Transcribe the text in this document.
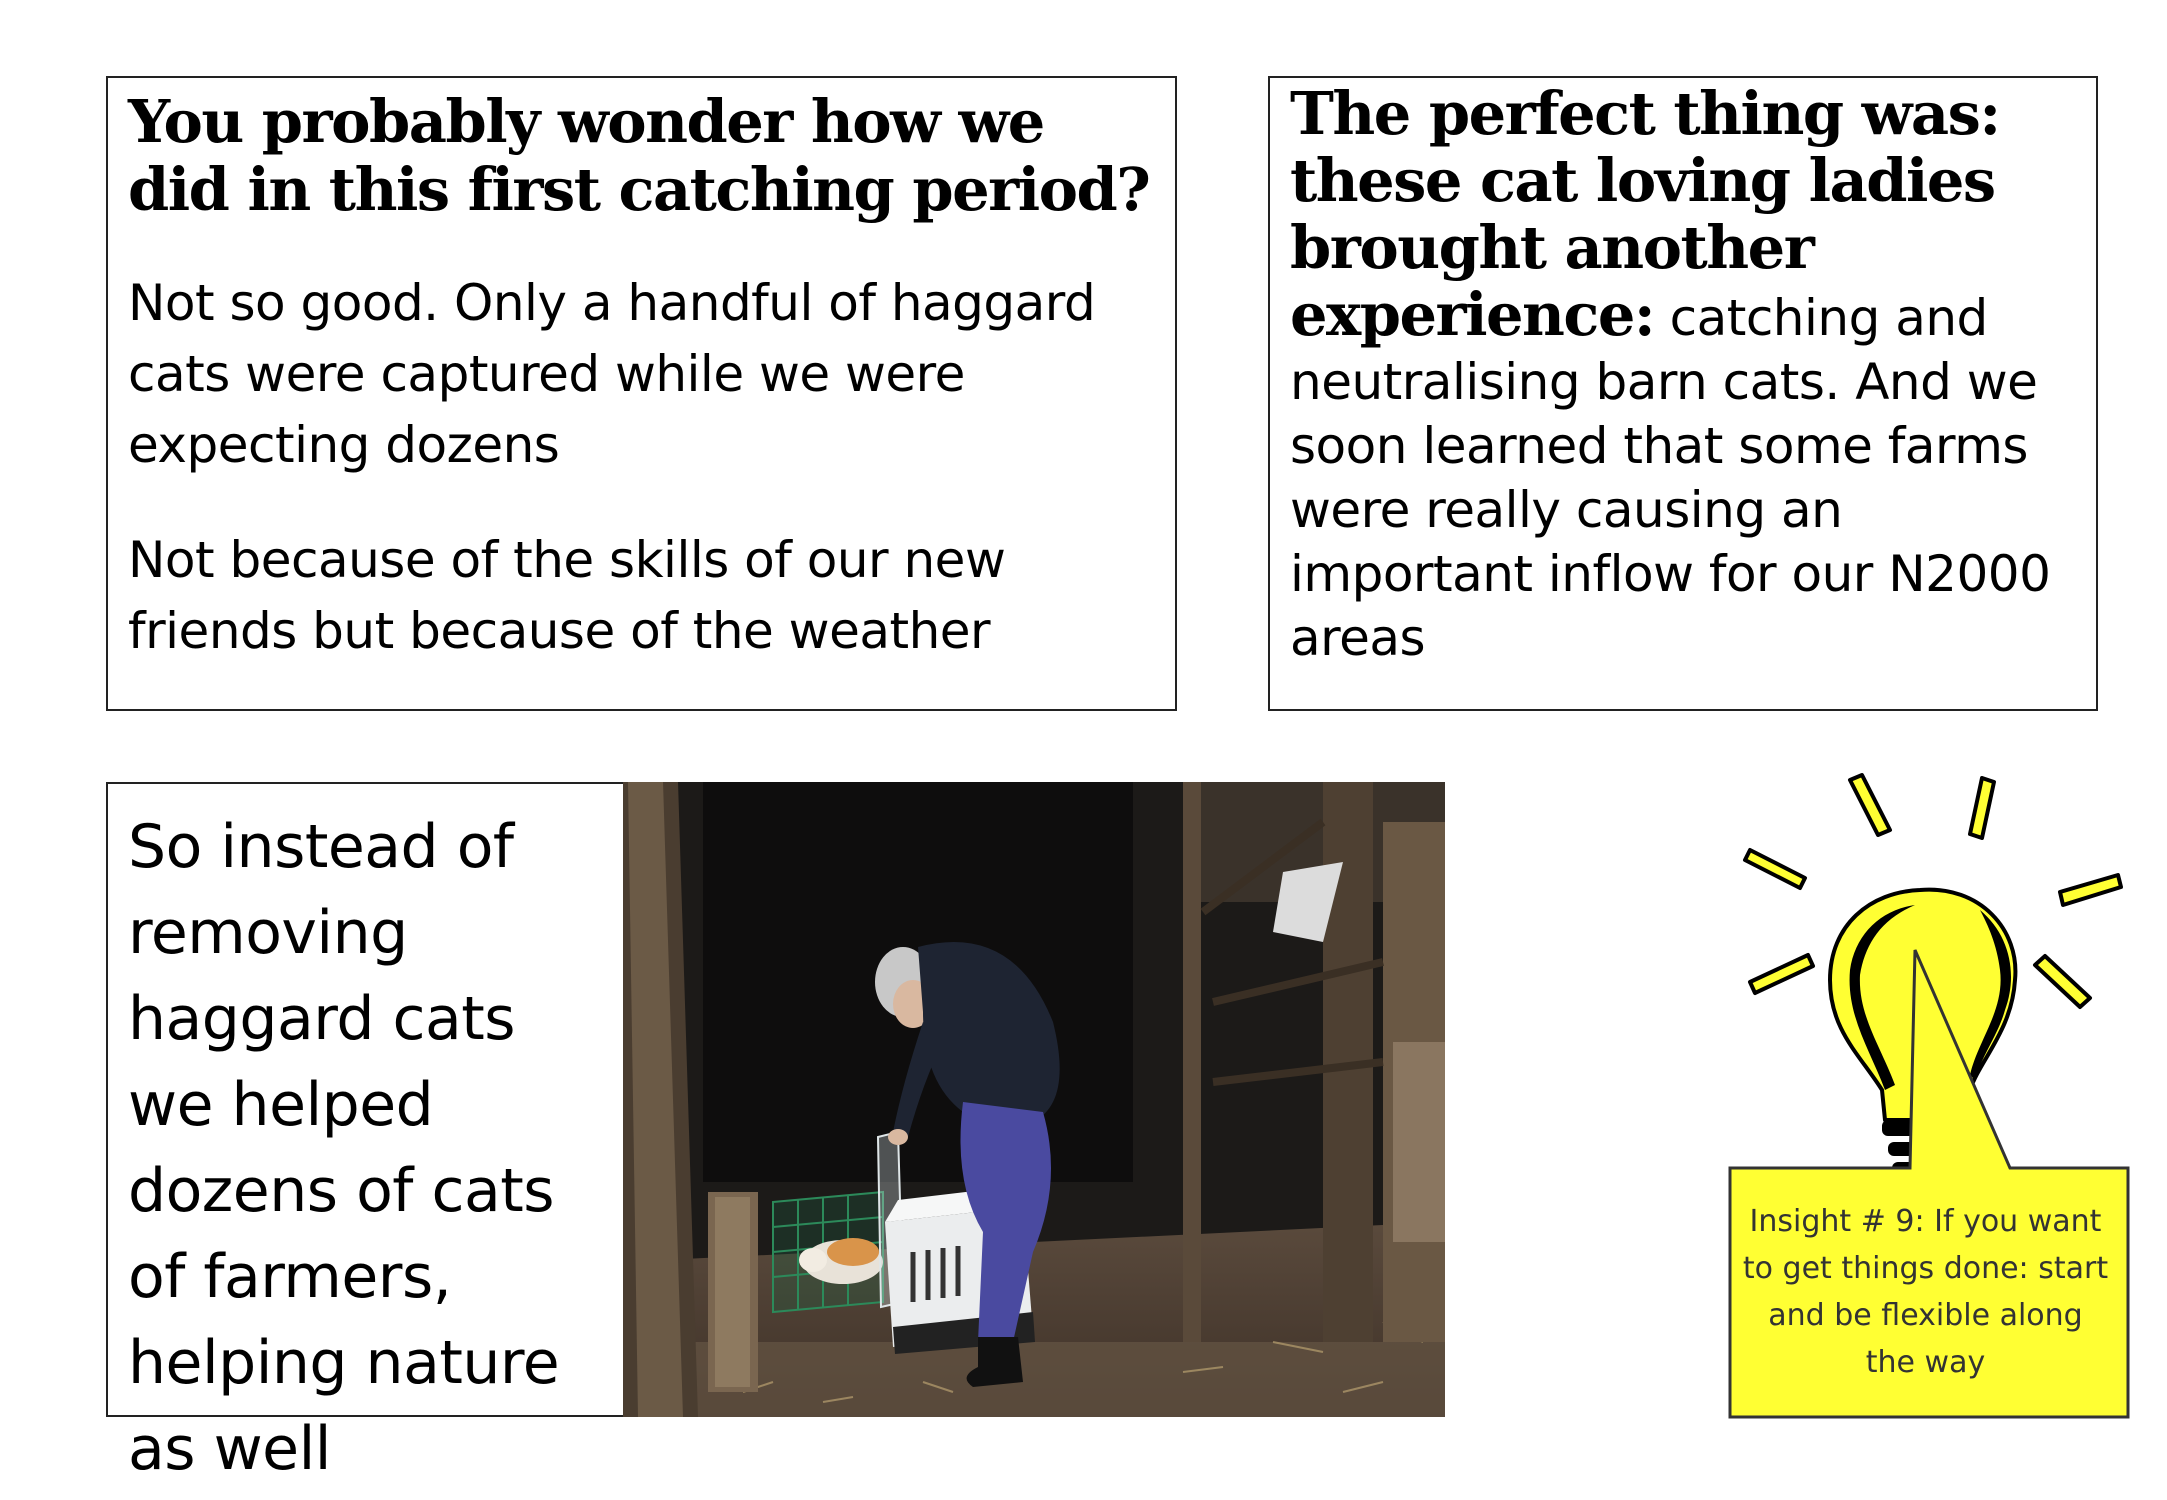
You probably wonder how we did in this first catching period?

Not so good. Only a handful of haggard cats were captured while we were expecting dozens

Not because of the skills of our new friends but because of the weather

The perfect thing was: these cat loving ladies brought another experience: catching and neutralising barn cats. And we soon learned that some farms were really causing an important inflow for our N2000 areas

So instead of removing haggard cats we helped dozens of cats of farmers, helping nature as well

Insight # 9: If you want to get things done: start and be flexible along the way
